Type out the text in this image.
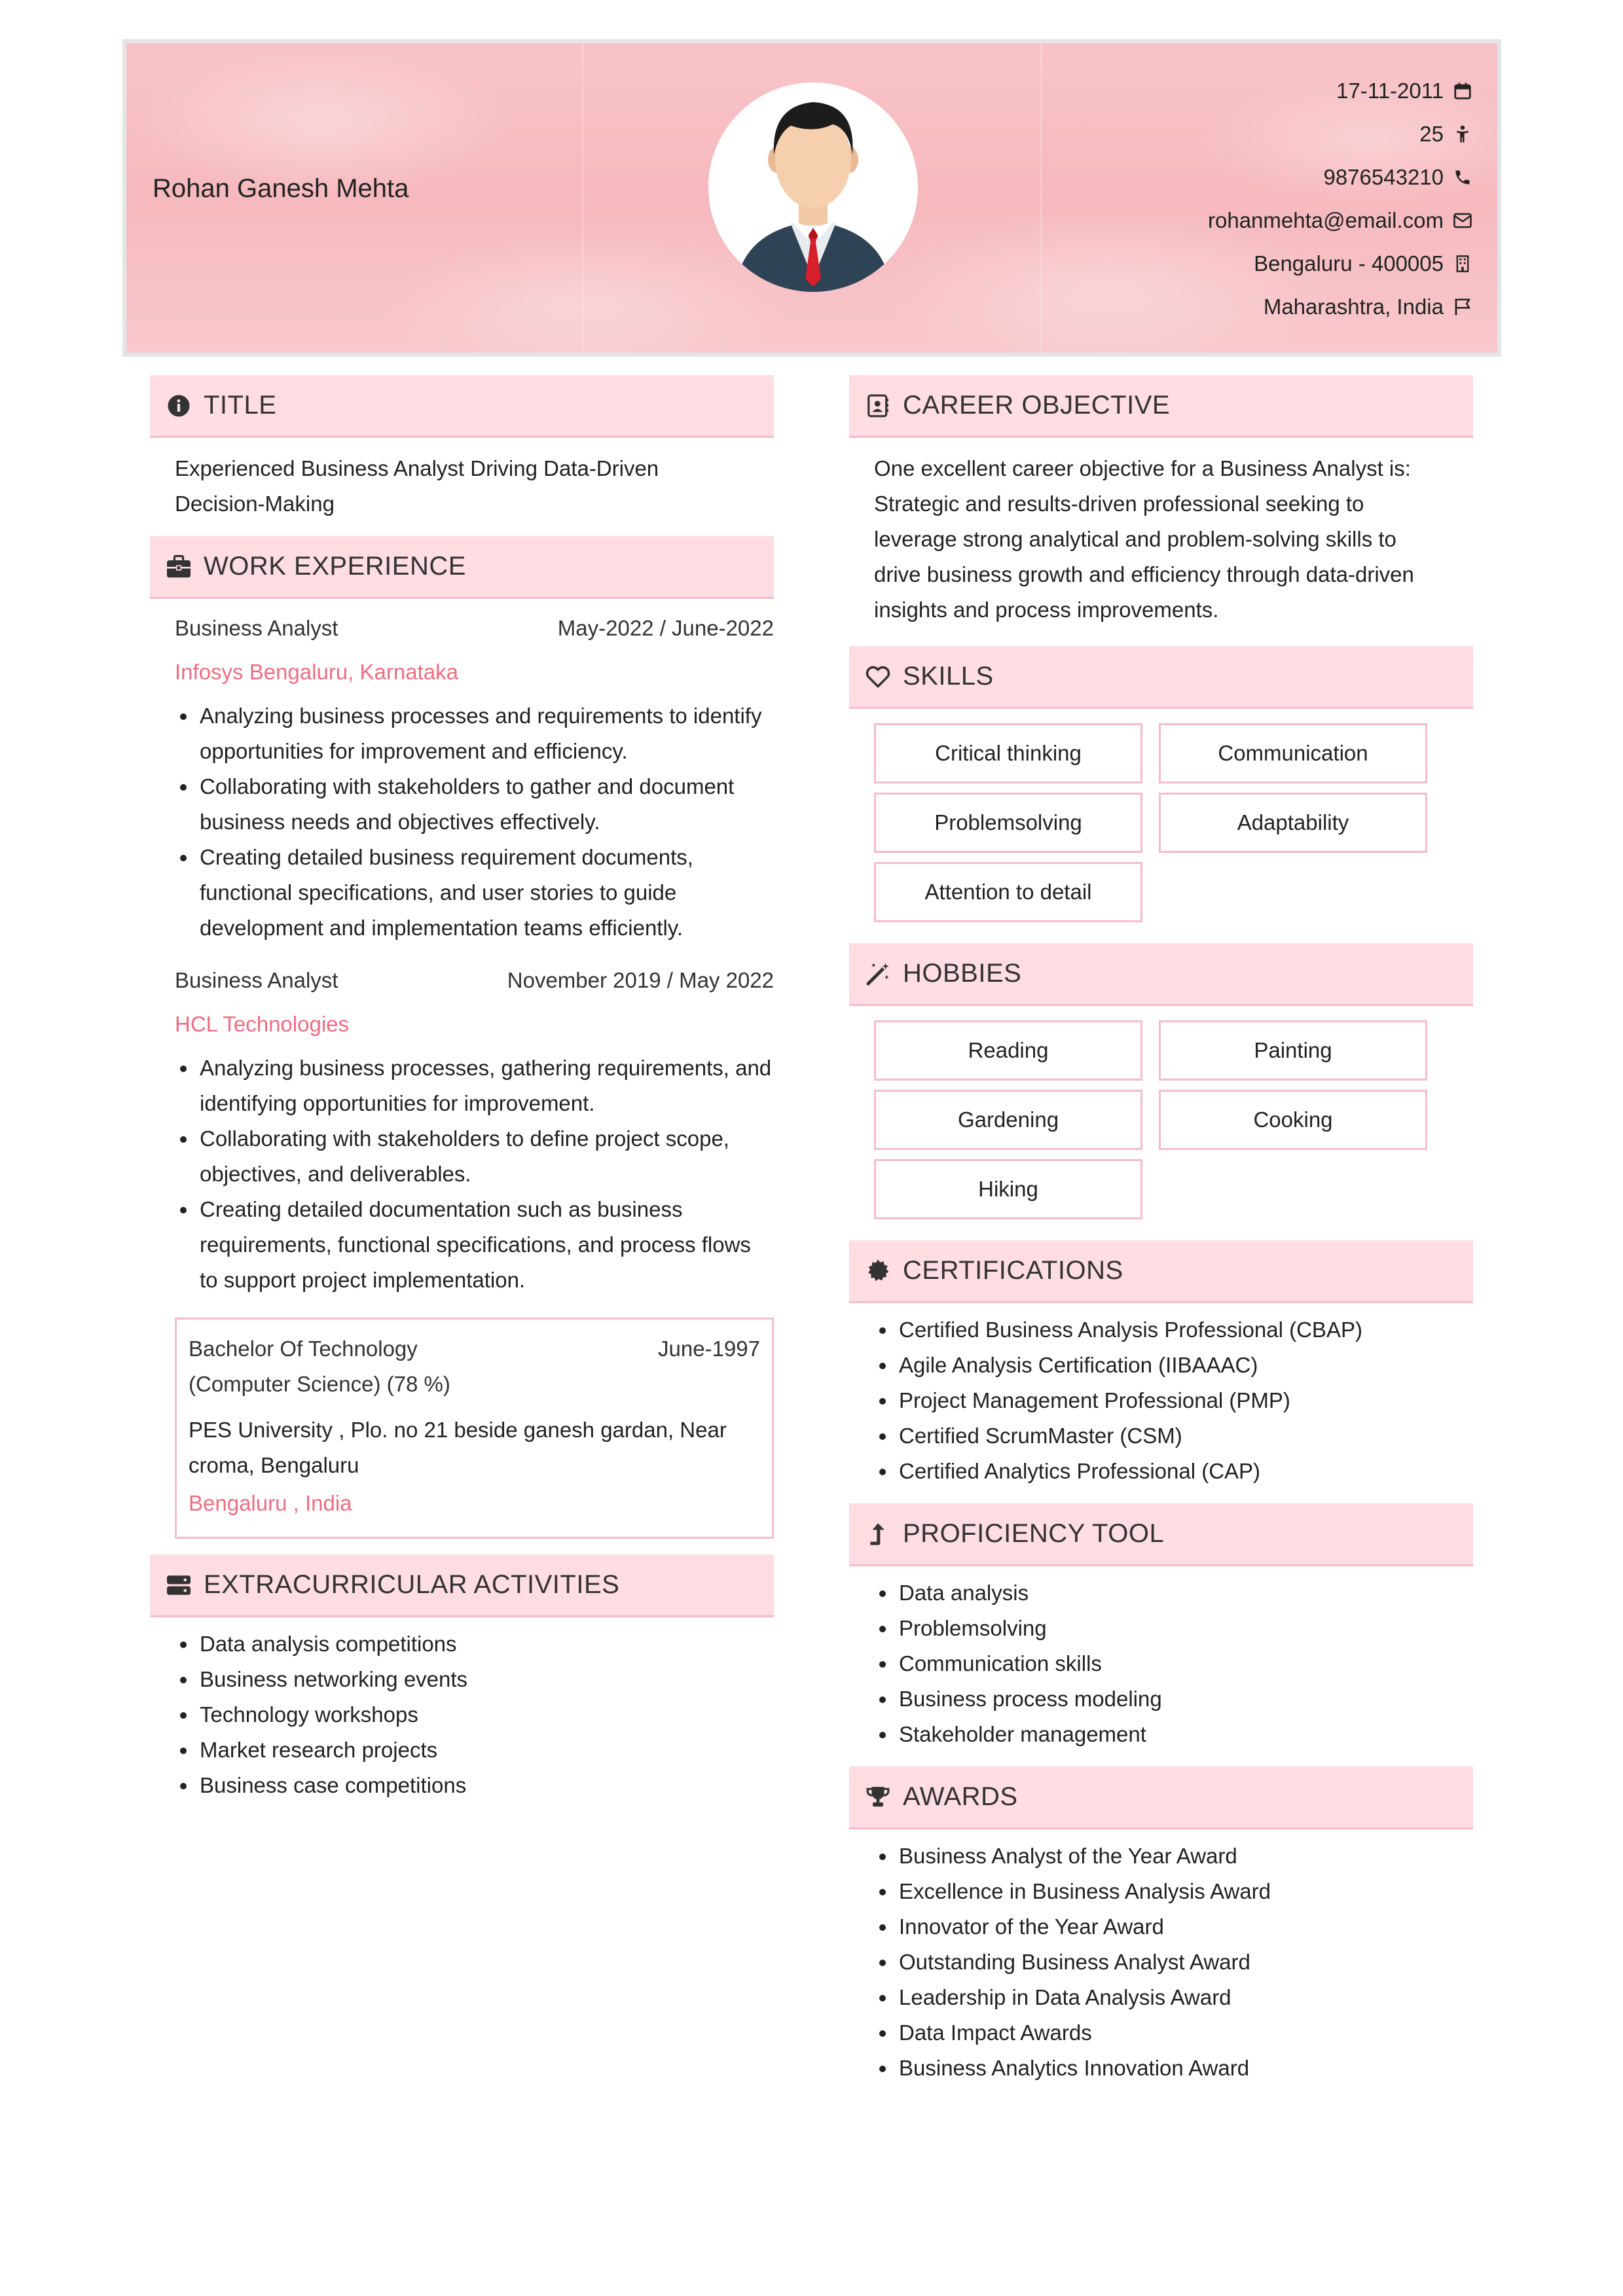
Rohan Ganesh Mehta
17-11-2011
25
9876543210
rohanmehta@email.com
Bengaluru - 400005
Maharashtra, India
TITLE
Experienced Business Analyst Driving Data-Driven Decision-Making
WORK EXPERIENCE
Business Analyst	May-2022 / June-2022
Infosys Bengaluru, Karnataka
Analyzing business processes and requirements to identify opportunities for improvement and efficiency.
Collaborating with stakeholders to gather and document business needs and objectives effectively.
Creating detailed business requirement documents, functional specifications, and user stories to guide development and implementation teams efficiently.
Business Analyst	November 2019 / May 2022
HCL Technologies
Analyzing business processes, gathering requirements, and identifying opportunities for improvement.
Collaborating with stakeholders to define project scope, objectives, and deliverables.
Creating detailed documentation such as business requirements, functional specifications, and process flows to support project implementation.
Bachelor Of Technology	June-1997
(Computer Science) (78 %)
PES University , Plo. no 21 beside ganesh gardan, Near croma, Bengaluru
Bengaluru , India
EXTRACURRICULAR ACTIVITIES
Data analysis competitions
Business networking events
Technology workshops
Market research projects
Business case competitions
CAREER OBJECTIVE
One excellent career objective for a Business Analyst is: Strategic and results-driven professional seeking to leverage strong analytical and problem-solving skills to drive business growth and efficiency through data-driven insights and process improvements.
SKILLS
Critical thinking	Communication
Problemsolving	Adaptability
Attention to detail
HOBBIES
Reading	Painting
Gardening	Cooking
Hiking
CERTIFICATIONS
Certified Business Analysis Professional (CBAP)
Agile Analysis Certification (IIBAAAC)
Project Management Professional (PMP)
Certified ScrumMaster (CSM)
Certified Analytics Professional (CAP)
PROFICIENCY TOOL
Data analysis
Problemsolving
Communication skills
Business process modeling
Stakeholder management
AWARDS
Business Analyst of the Year Award
Excellence in Business Analysis Award
Innovator of the Year Award
Outstanding Business Analyst Award
Leadership in Data Analysis Award
Data Impact Awards
Business Analytics Innovation Award
